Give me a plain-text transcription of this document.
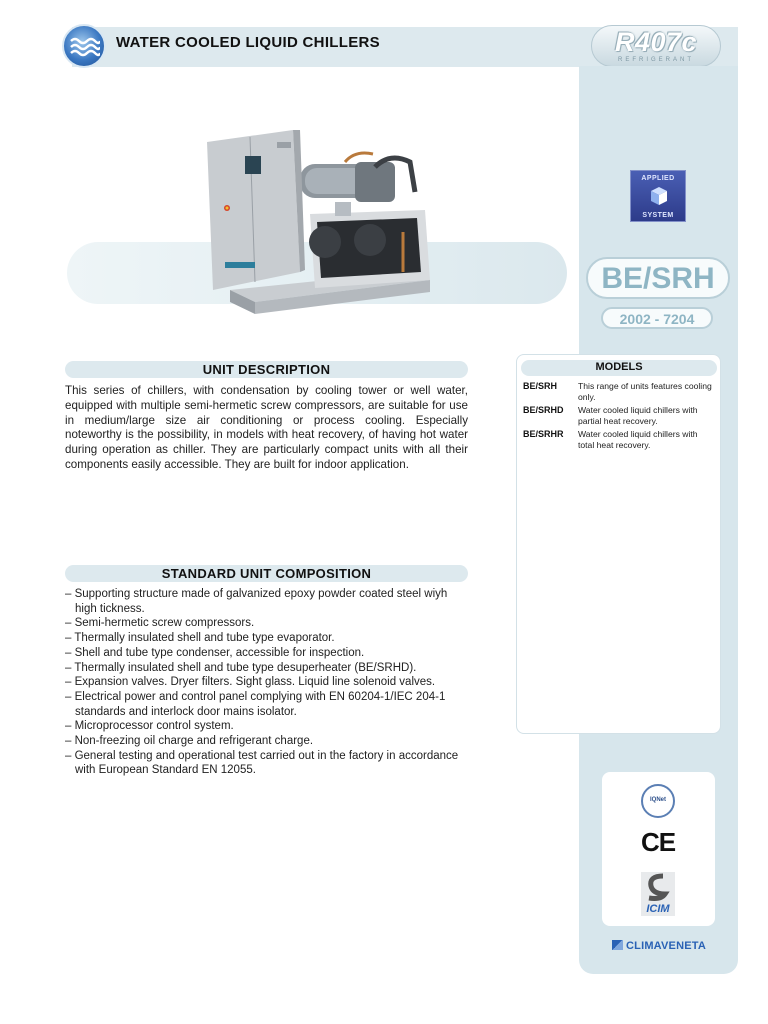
WATER COOLED LIQUID CHILLERS	R407c
REFRIGERANT
APPLIED
SYSTEM
BE/SRH
2002 - 7204
UNIT DESCRIPTION
This series of chillers, with condensation by cooling tower or well water, equipped with multiple semi-hermetic screw compressors, are suitable for use in medium/large size air conditioning or process cooling. Especially noteworthy is the possibility, in models with heat recovery, of having hot water during operation as chiller. They are particularly compact units with all their components easily accessible. They are built for indoor application.
STANDARD UNIT COMPOSITION
– Supporting structure made of galvanized epoxy powder coated steel wiyh high tickness.
– Semi-hermetic screw compressors.
– Thermally insulated shell and tube type evaporator.
– Shell and tube type condenser, accessible for inspection.
– Thermally insulated shell and tube type desuperheater (BE/SRHD).
– Expansion valves. Dryer filters. Sight glass. Liquid line solenoid valves.
– Electrical power and control panel complying with EN 60204-1/IEC 204-1 standards and interlock door mains isolator.
– Microprocessor control system.
– Non-freezing oil charge and refrigerant charge.
– General testing and operational test carried out in the factory in accordance with European Standard EN 12055.
MODELS
BE/SRH This range of units features cooling only.
BE/SRHD Water cooled liquid chillers with partial heat recovery.
BE/SRHR Water cooled liquid chillers with total heat recovery.
IQNet
CE
ICIM
CLIMAVENETA
